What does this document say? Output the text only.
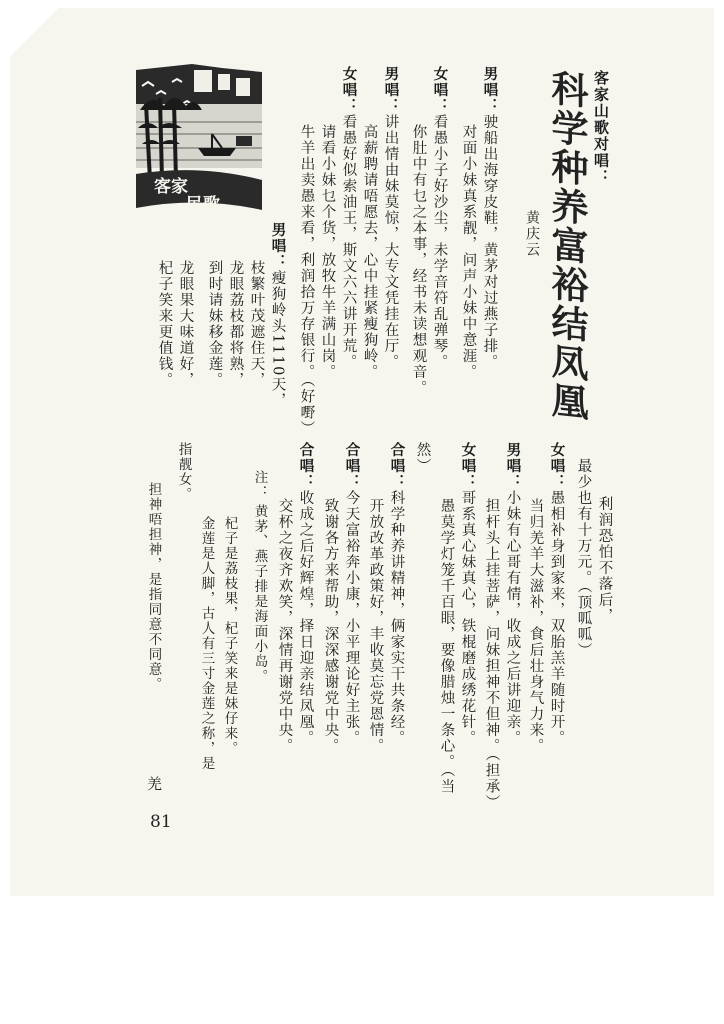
客家山歌对唱：
科学种养富裕结凤凰
黄庆云
客家
民歌
男唱：驶船出海穿皮鞋，黄茅对过燕子排。
对面小妹真系靓，问声小妹中意涯。
女唱：看愚小子好沙尘，未学音符乱弹琴。
你肚中有乜之本事，经书未读想观音。
男唱：讲出情由妹莫惊，大专文凭挂在厅。
高薪聘请唔愿去，心中挂紧瘦狗岭。
女唱：看愚好似索油王，斯文六六讲开荒。
请看小妹乜个货，放牧牛羊满山岗。
牛羊出卖愚来看，利润拾万存银行。（好嘢）
男唱：瘦狗岭头1110天，
枝繁叶茂遮住天，
龙眼荔枝都将熟，
到时请妹移金莲。
龙眼果大味道好，
杞子笑来更值钱。
利润恐怕不落后，
最少也有十万元。（顶呱呱）
女唱：愚相补身到家来，双胎羔羊随时开。
当归羌羊大滋补，食后壮身气力来。
男唱：小妹有心哥有情，收成之后讲迎亲。
担杆头上挂菩萨，问妹担神不但神。（担承）
女唱：哥系真心妹真心，铁棍磨成绣花针。
愚莫学灯笼千百眼，要像腊烛一条心。（当
然）
合唱：科学种养讲精神，俩家实干共条经。
开放改革政策好，丰收莫忘党恩情。
合唱：今天富裕奔小康，小平理论好主张。
致谢各方来帮助，深深感谢党中央。
合唱：收成之后好辉煌，择日迎亲结凤凰。
交杯之夜齐欢笑，深情再谢党中央。
注：
黄茅、燕子排是海面小岛。
杞子是荔枝果，杞子笑来是妹仔来。
金莲是人脚，古人有三寸金莲之称，是
指靓女。
担神唔担神，是指同意不同意。
羌
81
